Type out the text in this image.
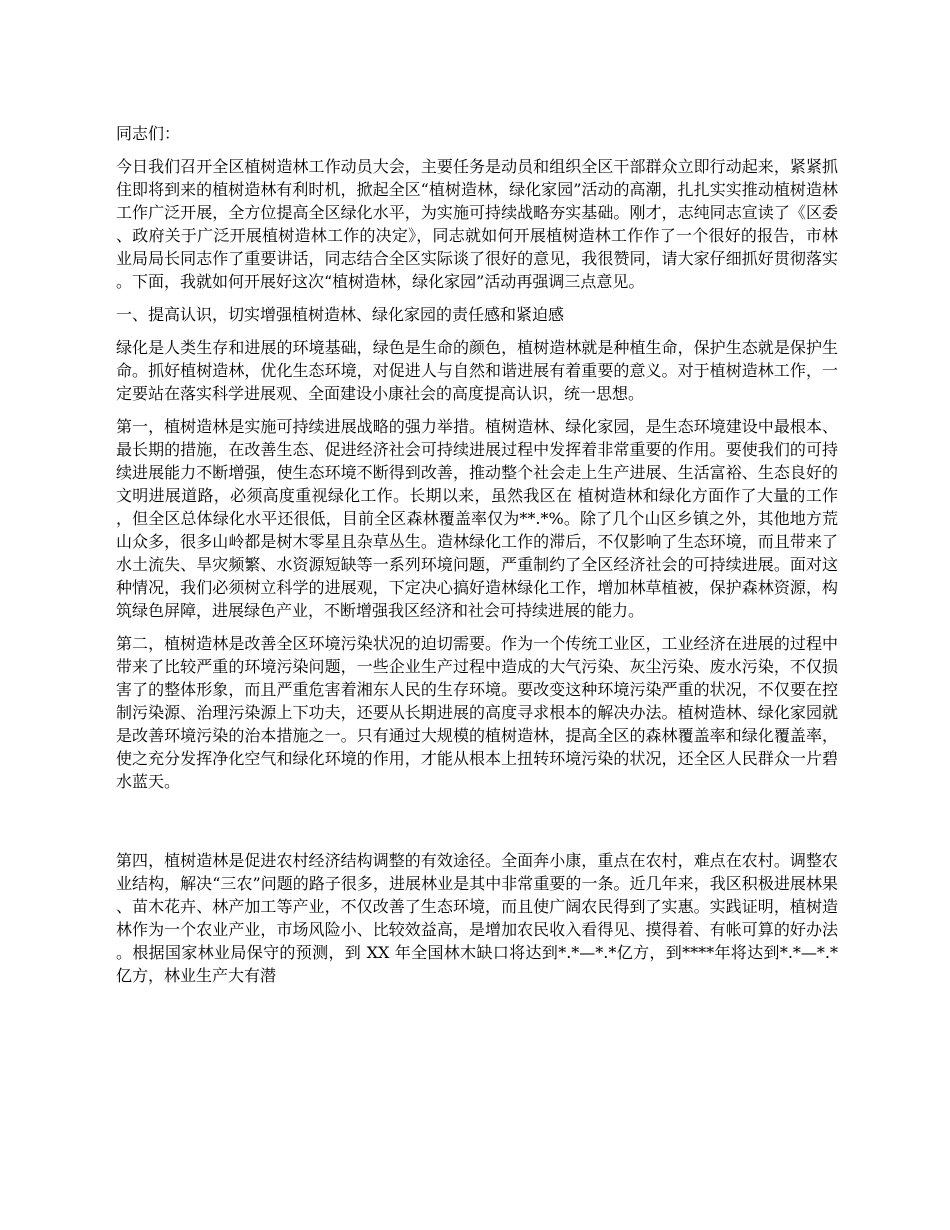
同志们：

今日我们召开全区植树造林工作动员大会，主要任务是动员和组织全区干部群众立即行动起来，紧紧抓住即将到来的植树造林有利时机，掀起全区“植树造林，绿化家园”活动的高潮，扎扎实实推动植树造林工作广泛开展，全方位提高全区绿化水平，为实施可持续战略夯实基础。刚才，志纯同志宣读了《区委、政府关于广泛开展植树造林工作的决定》，同志就如何开展植树造林工作作了一个很好的报告，市林业局局长同志作了重要讲话，同志结合全区实际谈了很好的意见，我很赞同，请大家仔细抓好贯彻落实。下面，我就如何开展好这次“植树造林，绿化家园”活动再强调三点意见。

一、提高认识，切实增强植树造林、绿化家园的责任感和紧迫感

绿化是人类生存和进展的环境基础，绿色是生命的颜色，植树造林就是种植生命，保护生态就是保护生命。抓好植树造林，优化生态环境，对促进人与自然和谐进展有着重要的意义。对于植树造林工作，一定要站在落实科学进展观、全面建设小康社会的高度提高认识，统一思想。

第一，植树造林是实施可持续进展战略的强力举措。植树造林、绿化家园，是生态环境建设中最根本、最长期的措施，在改善生态、促进经济社会可持续进展过程中发挥着非常重要的作用。要使我们的可持续进展能力不断增强，使生态环境不断得到改善，推动整个社会走上生产进展、生活富裕、生态良好的文明进展道路，必须高度重视绿化工作。长期以来，虽然我区在 植树造林和绿化方面作了大量的工作，但全区总体绿化水平还很低，目前全区森林覆盖率仅为**.*%。除了几个山区乡镇之外，其他地方荒山众多，很多山岭都是树木零星且杂草丛生。造林绿化工作的滞后，不仅影响了生态环境，而且带来了水土流失、旱灾频繁、水资源短缺等一系列环境问题，严重制约了全区经济社会的可持续进展。面对这种情况，我们必须树立科学的进展观，下定决心搞好造林绿化工作，增加林草植被，保护森林资源，构筑绿色屏障，进展绿色产业，不断增强我区经济和社会可持续进展的能力。

第二，植树造林是改善全区环境污染状况的迫切需要。作为一个传统工业区，工业经济在进展的过程中带来了比较严重的环境污染问题，一些企业生产过程中造成的大气污染、灰尘污染、废水污染，不仅损害了的整体形象，而且严重危害着湘东人民的生存环境。要改变这种环境污染严重的状况，不仅要在控制污染源、治理污染源上下功夫，还要从长期进展的高度寻求根本的解决办法。植树造林、绿化家园就是改善环境污染的治本措施之一。只有通过大规模的植树造林，提高全区的森林覆盖率和绿化覆盖率，使之充分发挥净化空气和绿化环境的作用，才能从根本上扭转环境污染的状况，还全区人民群众一片碧水蓝天。

第四，植树造林是促进农村经济结构调整的有效途径。全面奔小康，重点在农村，难点在农村。调整农业结构，解决“三农”问题的路子很多，进展林业是其中非常重要的一条。近几年来，我区积极进展林果、苗木花卉、林产加工等产业，不仅改善了生态环境，而且使广阔农民得到了实惠。实践证明，植树造林作为一个农业产业，市场风险小、比较效益高，是增加农民收入看得见、摸得着、有帐可算的好办法。根据国家林业局保守的预测，到 XX 年全国林木缺口将达到*.*—*.*亿方，到****年将达到*.*—*.*亿方，林业生产大有潜
